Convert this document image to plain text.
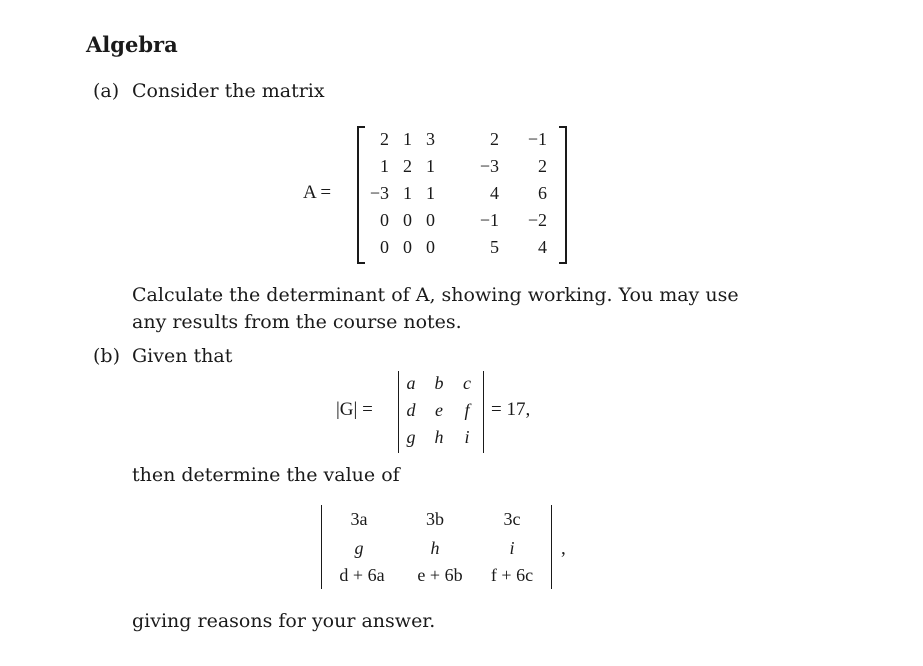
Algebra
(a) Consider the matrix
A =
2 1 3	2	−1
1 2 1	−3	2
−3 1 1	4	6
0 0 0	−1	−2
0 0 0	5	4
Calculate the determinant of A, showing working. You may use
any results from the course notes.
(b) Given that
|G| =
a	b	c
d	e	f
g	h	i
= 17,
then determine the value of
3a	3b	3c
g	h	i
d + 6a	e + 6b	f + 6c
,
giving reasons for your answer.
